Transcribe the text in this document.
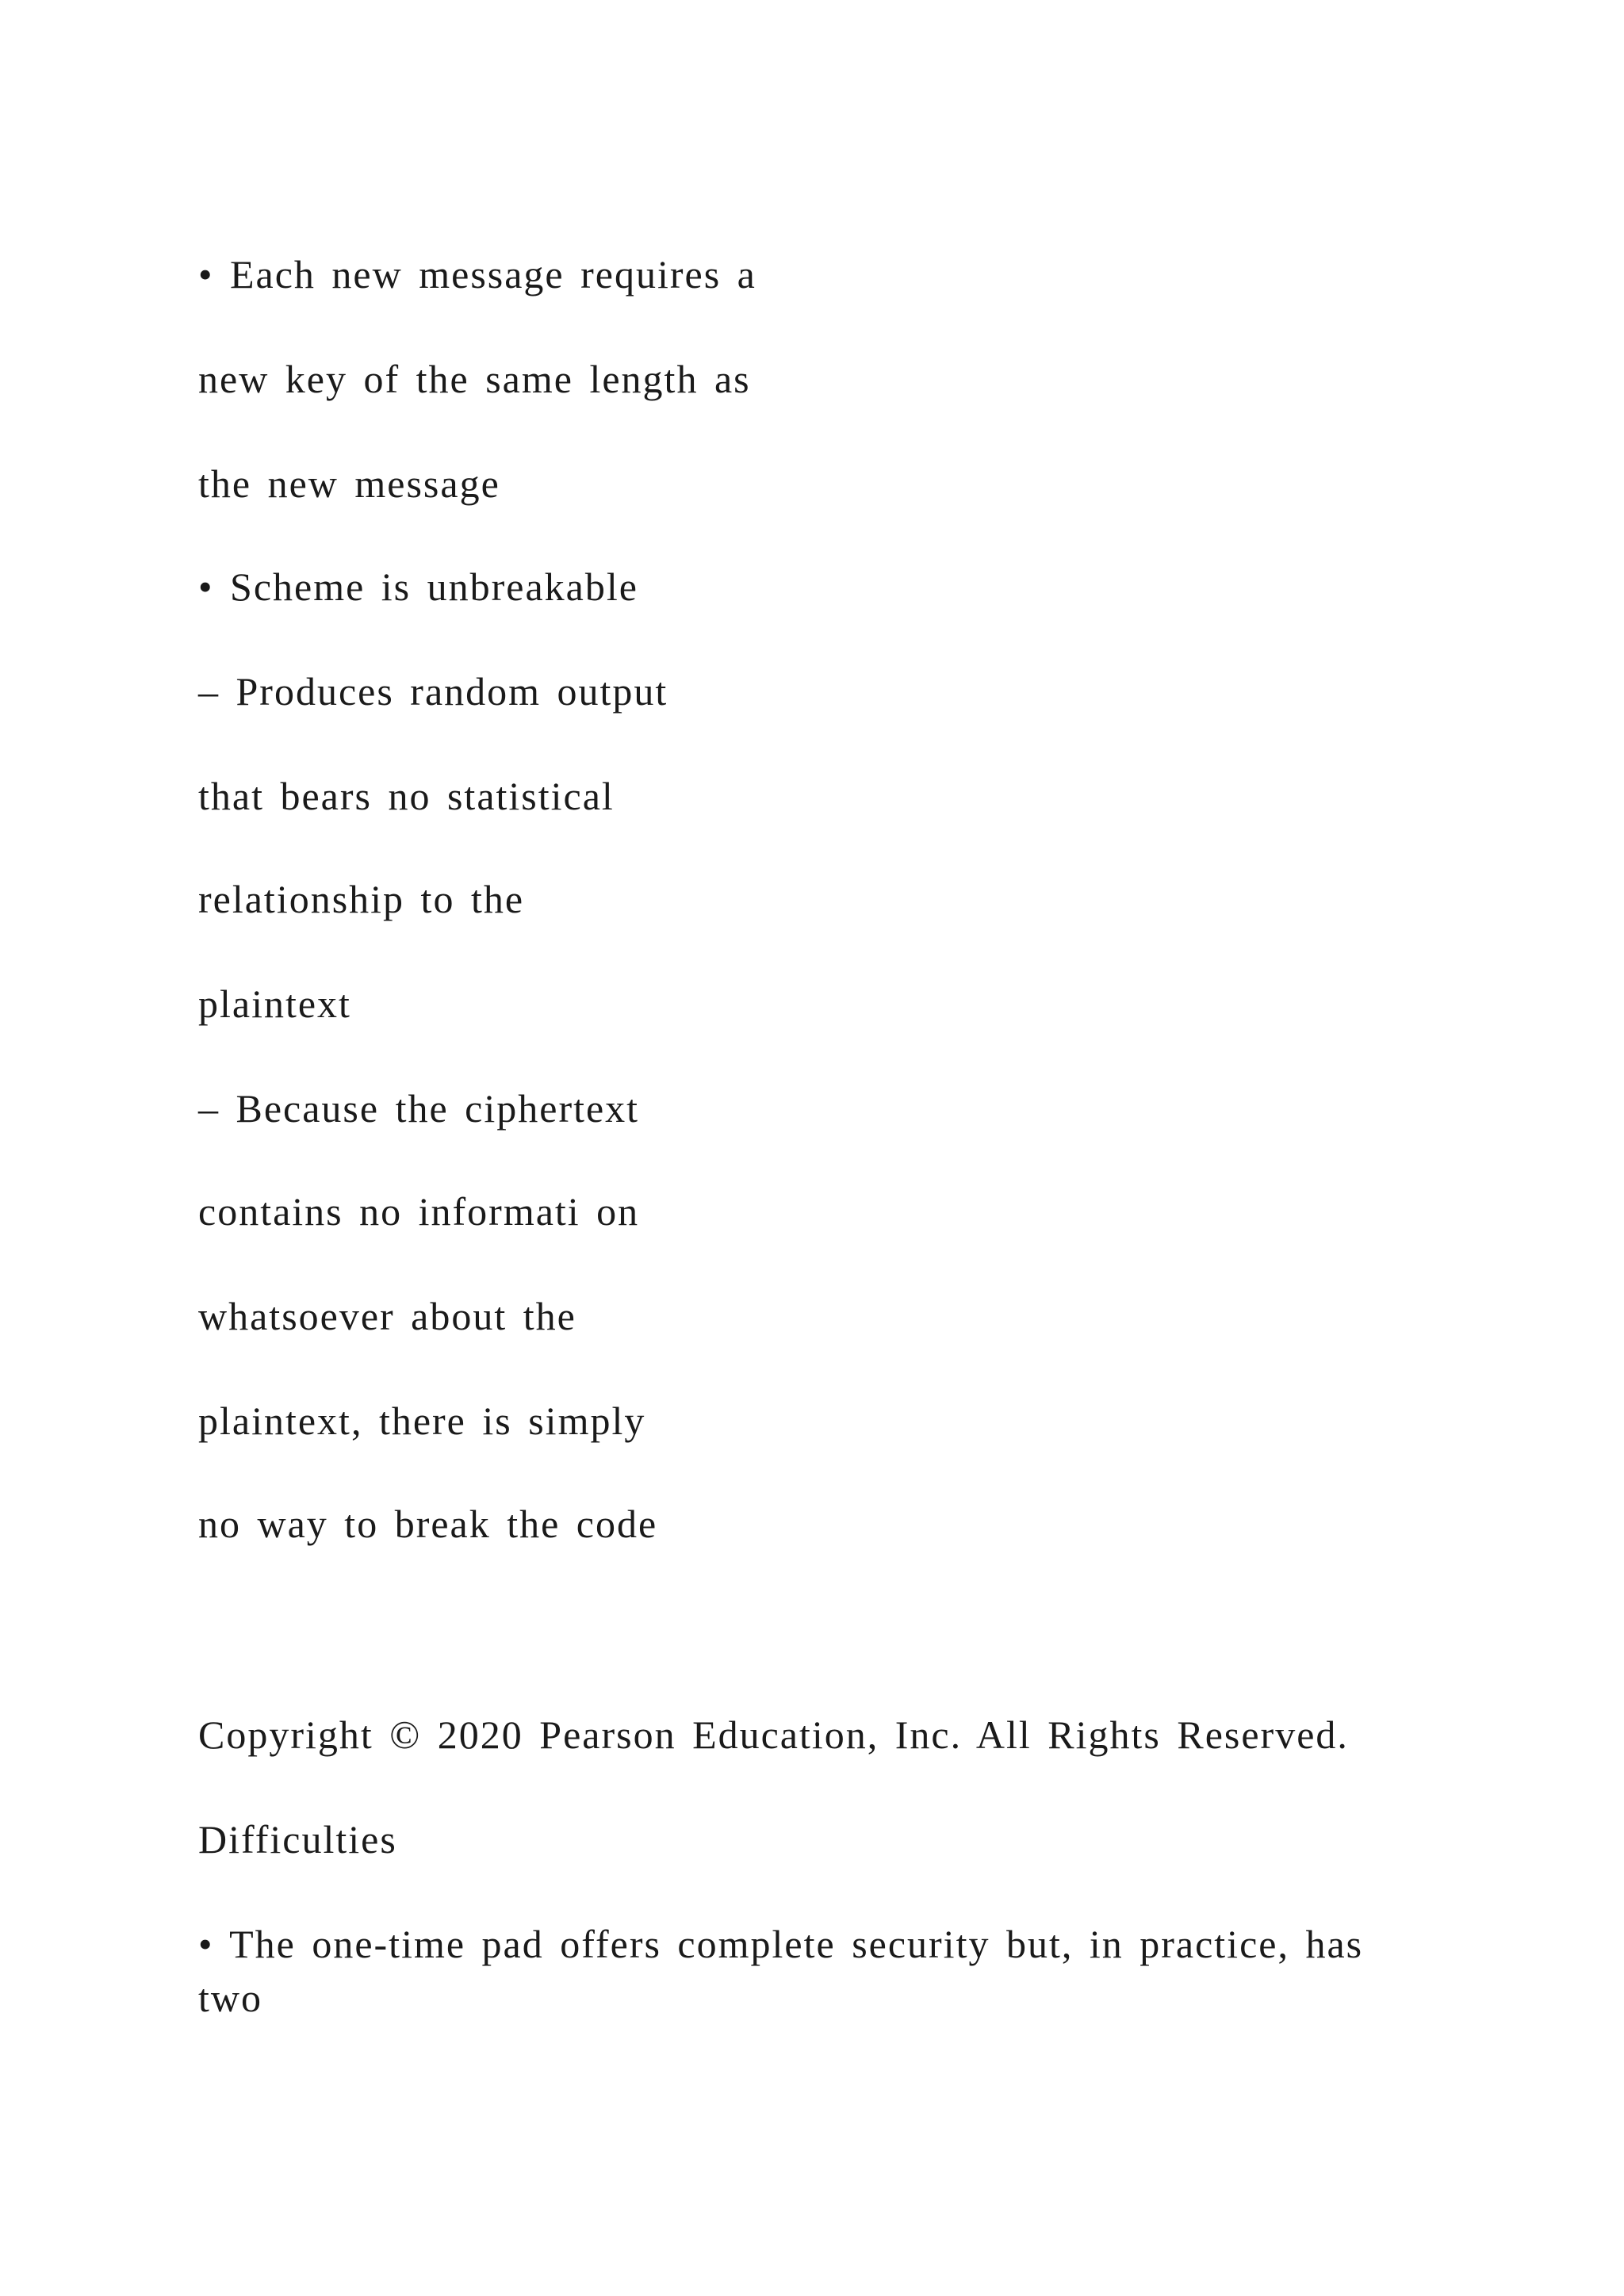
• Each new message requires a
new key of the same length as
the new message
• Scheme is unbreakable
– Produces random output
that bears no statistical
relationship to the
plaintext
– Because the ciphertext
contains no informati on
whatsoever about the
plaintext, there is simply
no way to break the code
Copyright © 2020 Pearson Education, Inc. All Rights Reserved.
Difficulties
• The one-time pad offers complete security but, in practice, has two
